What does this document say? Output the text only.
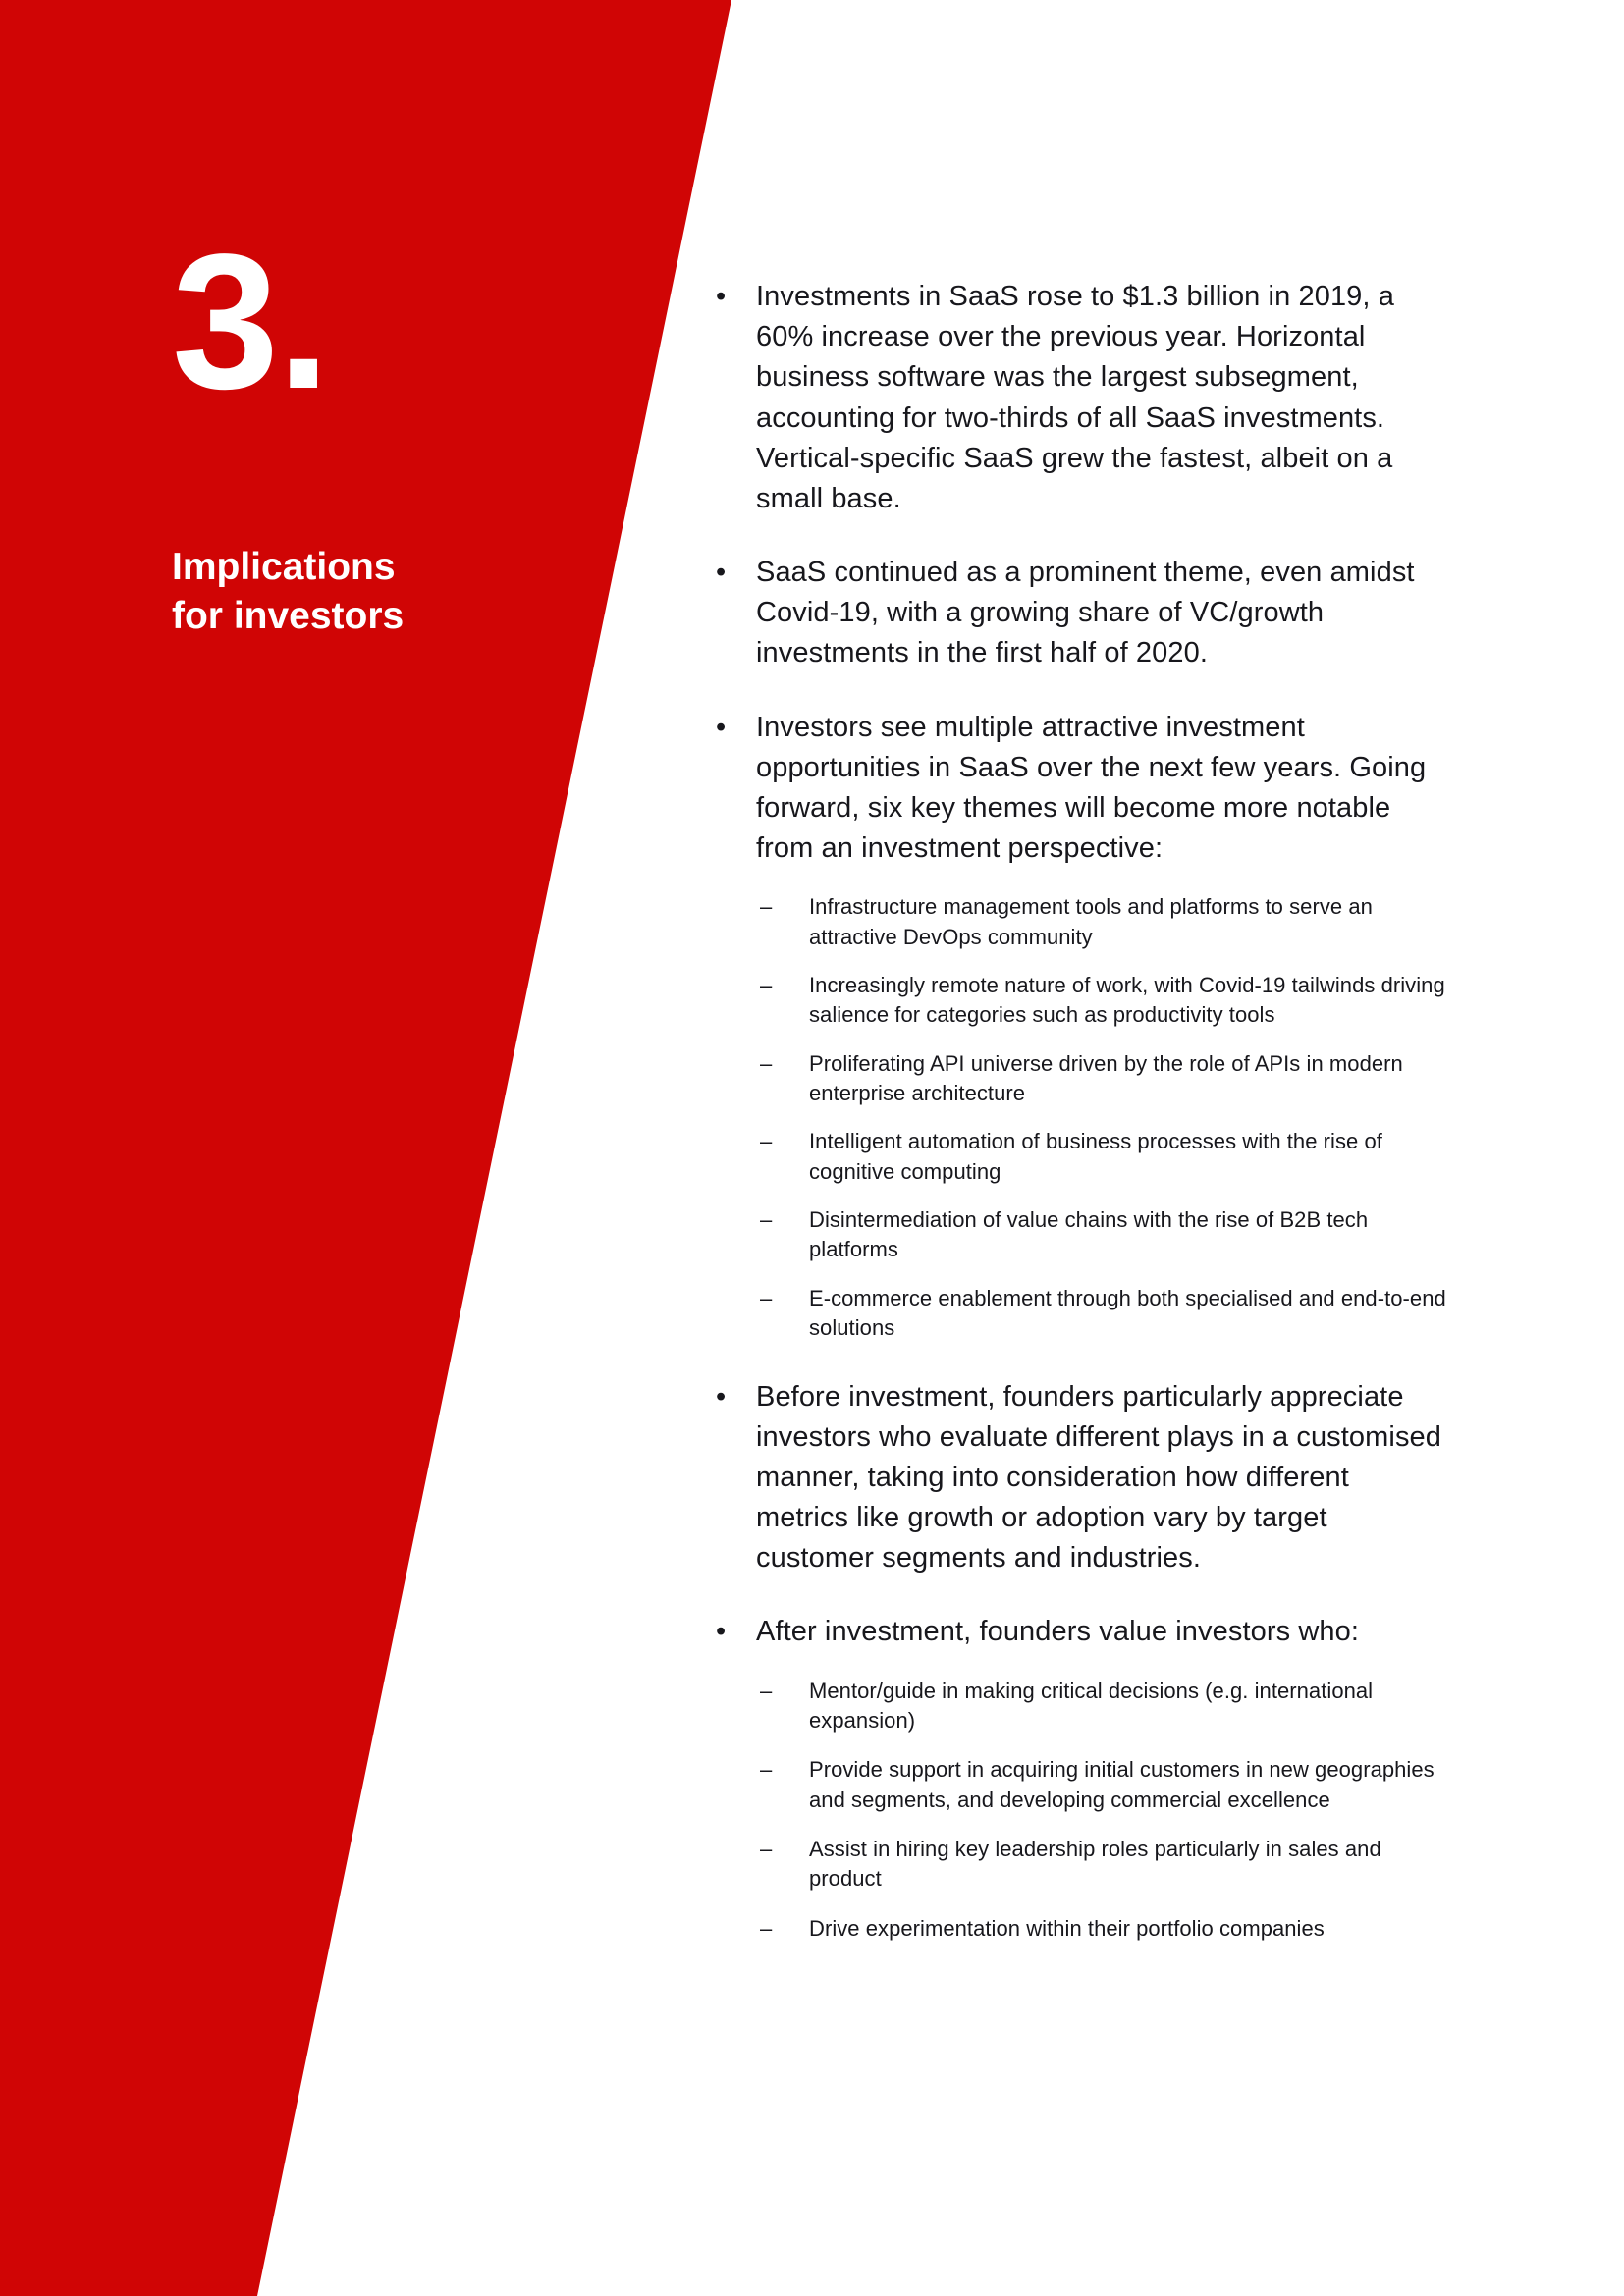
3.
Implications
for investors
• Investments in SaaS rose to $1.3 billion in 2019, a 60% increase over the previous year. Horizontal business software was the largest subsegment, accounting for two-thirds of all SaaS investments. Vertical-specific SaaS grew the fastest, albeit on a small base.
• SaaS continued as a prominent theme, even amidst Covid-19, with a growing share of VC/growth investments in the first half of 2020.
• Investors see multiple attractive investment opportunities in SaaS over the next few years. Going forward, six key themes will become more notable from an investment perspective:
– Infrastructure management tools and platforms to serve an attractive DevOps community
– Increasingly remote nature of work, with Covid-19 tailwinds driving salience for categories such as productivity tools
– Proliferating API universe driven by the role of APIs in modern enterprise architecture
– Intelligent automation of business processes with the rise of cognitive computing
– Disintermediation of value chains with the rise of B2B tech platforms
– E-commerce enablement through both specialised and end-to-end solutions
• Before investment, founders particularly appreciate investors who evaluate different plays in a customised manner, taking into consideration how different metrics like growth or adoption vary by target customer segments and industries.
• After investment, founders value investors who:
– Mentor/guide in making critical decisions (e.g. international expansion)
– Provide support in acquiring initial customers in new geographies and segments, and developing commercial excellence
– Assist in hiring key leadership roles particularly in sales and product
– Drive experimentation within their portfolio companies
